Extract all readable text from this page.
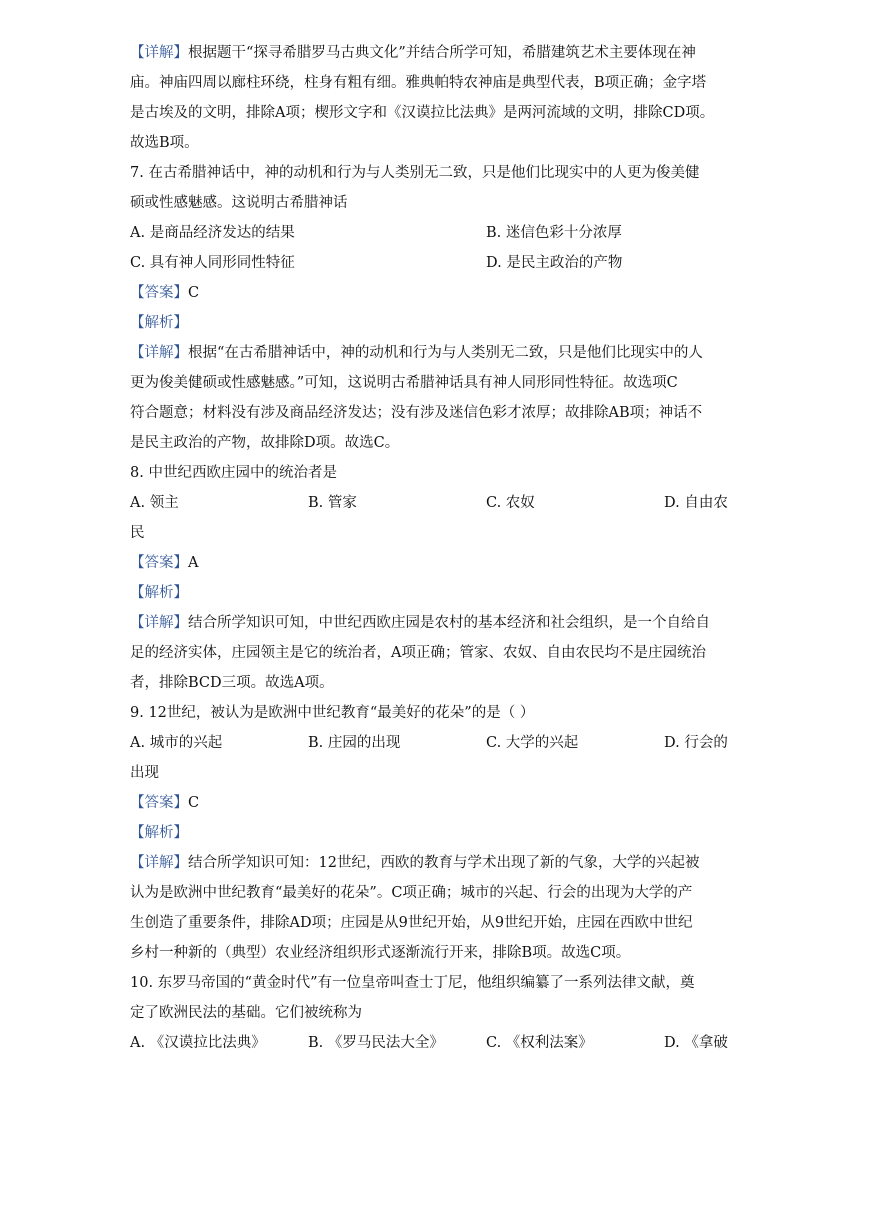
【详解】根据题干“探寻希腊罗马古典文化”并结合所学可知，希腊建筑艺术主要体现在神
庙。神庙四周以廊柱环绕，柱身有粗有细。雅典帕特农神庙是典型代表，B项正确；金字塔
是古埃及的文明，排除A项；楔形文字和《汉谟拉比法典》是两河流域的文明，排除CD项。
故选B项。
7. 在古希腊神话中，神的动机和行为与人类别无二致，只是他们比现实中的人更为俊美健
硕或性感魅感。这说明古希腊神话
A. 是商品经济发达的结果	B. 迷信色彩十分浓厚
C. 具有神人同形同性特征	D. 是民主政治的产物
【答案】C
【解析】
【详解】根据“在古希腊神话中，神的动机和行为与人类别无二致，只是他们比现实中的人
更为俊美健硕或性感魅感。”可知，这说明古希腊神话具有神人同形同性特征。故选项C
符合题意；材料没有涉及商品经济发达；没有涉及迷信色彩才浓厚；故排除AB项；神话不
是民主政治的产物，故排除D项。故选C。
8. 中世纪西欧庄园中的统治者是
A. 领主	B. 管家	C. 农奴	D. 自由农
民
【答案】A
【解析】
【详解】结合所学知识可知，中世纪西欧庄园是农村的基本经济和社会组织，是一个自给自
足的经济实体，庄园领主是它的统治者，A项正确；管家、农奴、自由农民均不是庄园统治
者，排除BCD三项。故选A项。
9. 12世纪，被认为是欧洲中世纪教育“最美好的花朵”的是（ ）
A. 城市的兴起	B. 庄园的出现	C. 大学的兴起	D. 行会的
出现
【答案】C
【解析】
【详解】结合所学知识可知：12世纪，西欧的教育与学术出现了新的气象，大学的兴起被
认为是欧洲中世纪教育“最美好的花朵”。C项正确；城市的兴起、行会的出现为大学的产
生创造了重要条件，排除AD项；庄园是从9世纪开始，从9世纪开始，庄园在西欧中世纪
乡村一种新的（典型）农业经济组织形式逐渐流行开来，排除B项。故选C项。
10. 东罗马帝国的“黄金时代”有一位皇帝叫查士丁尼，他组织编纂了一系列法律文献，奠
定了欧洲民法的基础。它们被统称为
A. 《汉谟拉比法典》	B. 《罗马民法大全》	C. 《权利法案》	D. 《拿破
